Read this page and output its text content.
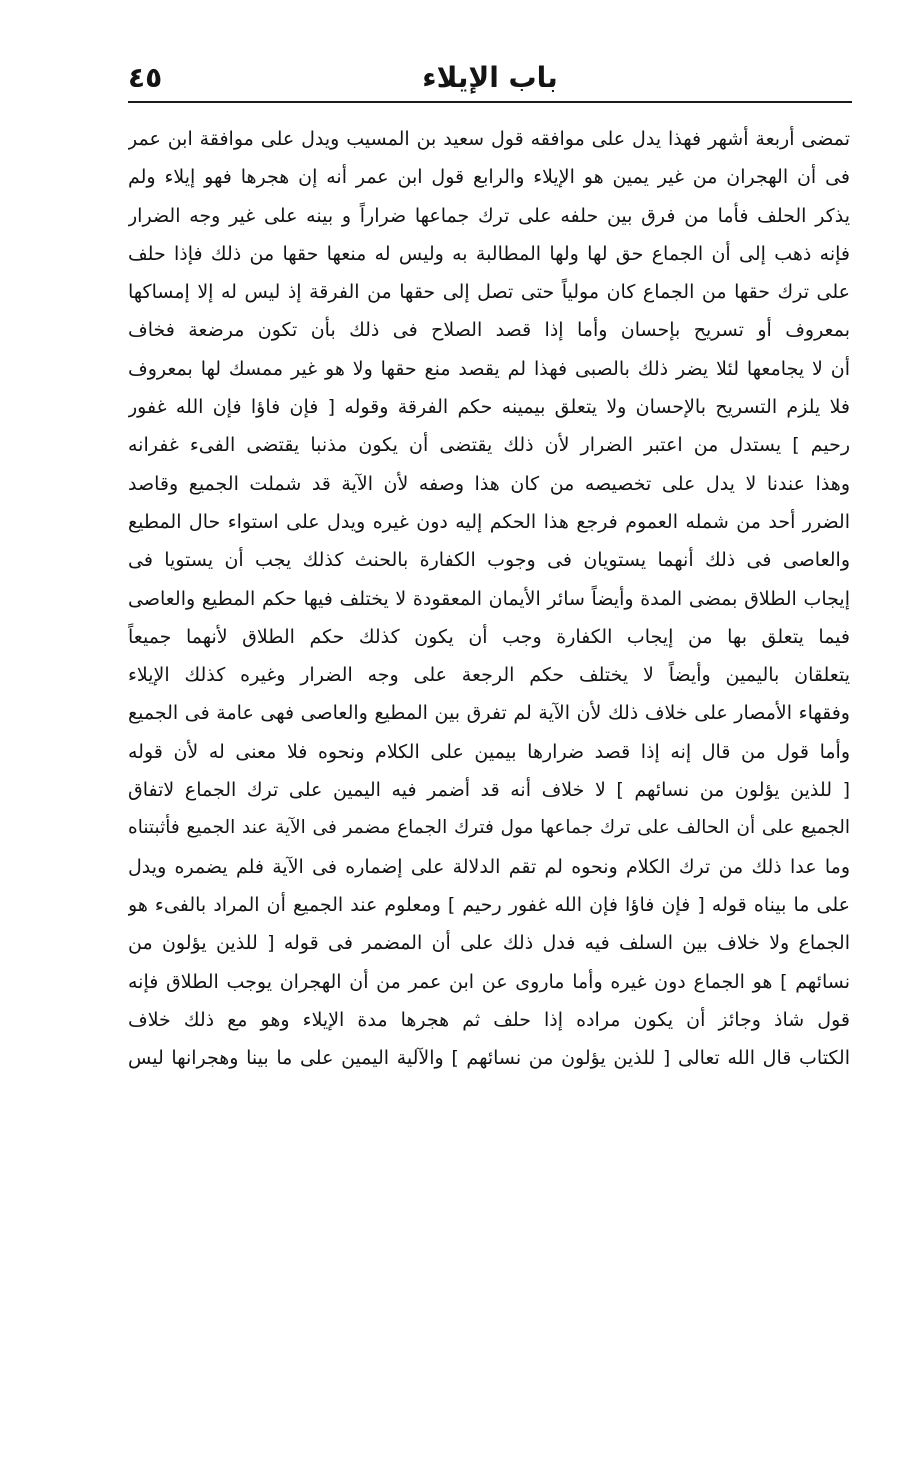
باب الإيلاء
٤٥
تمضى أربعة أشهر فهذا يدل على موافقه قول سعيد بن المسيب ويدل على موافقة ابن عمر
فى أن الهجران من غير يمين هو الإيلاء والرابع قول ابن عمر أنه إن هجرها فهو إيلاء ولم
يذكر الحلف فأما من فرق بين حلفه على ترك جماعها ضراراً و بينه على غير وجه الضرار
فإنه ذهب إلى أن الجماع حق لها ولها المطالبة به وليس له منعها حقها من ذلك فإذا حلف
على ترك حقها من الجماع كان مولياً حتى تصل إلى حقها من الفرقة إذ ليس له إلا إمساكها
بمعروف أو تسريح بإحسان وأما إذا قصد الصلاح فى ذلك بأن تكون مرضعة فخاف
أن لا يجامعها لئلا يضر ذلك بالصبى فهذا لم يقصد منع حقها ولا هو غير ممسك لها بمعروف
فلا يلزم التسريح بالإحسان ولا يتعلق بيمينه حكم الفرقة وقوله [ فإن فاؤا فإن الله غفور
رحيم ] يستدل من اعتبر الضرار لأن ذلك يقتضى أن يكون مذنبا يقتضى الفىء غفرانه
وهذا عندنا لا يدل على تخصيصه من كان هذا وصفه لأن الآية قد شملت الجميع وقاصد
الضرر أحد من شمله العموم فرجع هذا الحكم إليه دون غيره ويدل على استواء حال المطيع
والعاصى فى ذلك أنهما يستويان فى وجوب الكفارة بالحنث كذلك يجب أن يستويا فى
إيجاب الطلاق بمضى المدة وأيضاً سائر الأيمان المعقودة لا يختلف فيها حكم المطيع والعاصى
فيما يتعلق بها من إيجاب الكفارة وجب أن يكون كذلك حكم الطلاق لأنهما جميعاً
يتعلقان باليمين وأيضاً لا يختلف حكم الرجعة على وجه الضرار وغيره كذلك الإيلاء
وفقهاء الأمصار على خلاف ذلك لأن الآية لم تفرق بين المطيع والعاصى فهى عامة فى الجميع
وأما قول من قال إنه إذا قصد ضرارها بيمين على الكلام ونحوه فلا معنى له لأن قوله
[ للذين يؤلون من نسائهم ] لا خلاف أنه قد أضمر فيه اليمين على ترك الجماع لاتفاق
الجميع على أن الحالف على ترك جماعها مول فترك الجماع مضمر فى الآية عند الجميع فأثبتناه
وما عدا ذلك من ترك الكلام ونحوه لم تقم الدلالة على إضماره فى الآية فلم يضمره ويدل
على ما بيناه قوله [ فإن فاؤا فإن الله غفور رحيم ] ومعلوم عند الجميع أن المراد بالفىء هو
الجماع ولا خلاف بين السلف فيه فدل ذلك على أن المضمر فى قوله [ للذين يؤلون من
نسائهم ] هو الجماع دون غيره وأما ماروى عن ابن عمر من أن الهجران يوجب الطلاق فإنه
قول شاذ وجائز أن يكون مراده إذا حلف ثم هجرها مدة الإيلاء وهو مع ذلك خلاف
الكتاب قال الله تعالى [ للذين يؤلون من نسائهم ] والآلية اليمين على ما بينا وهجرانها ليس
